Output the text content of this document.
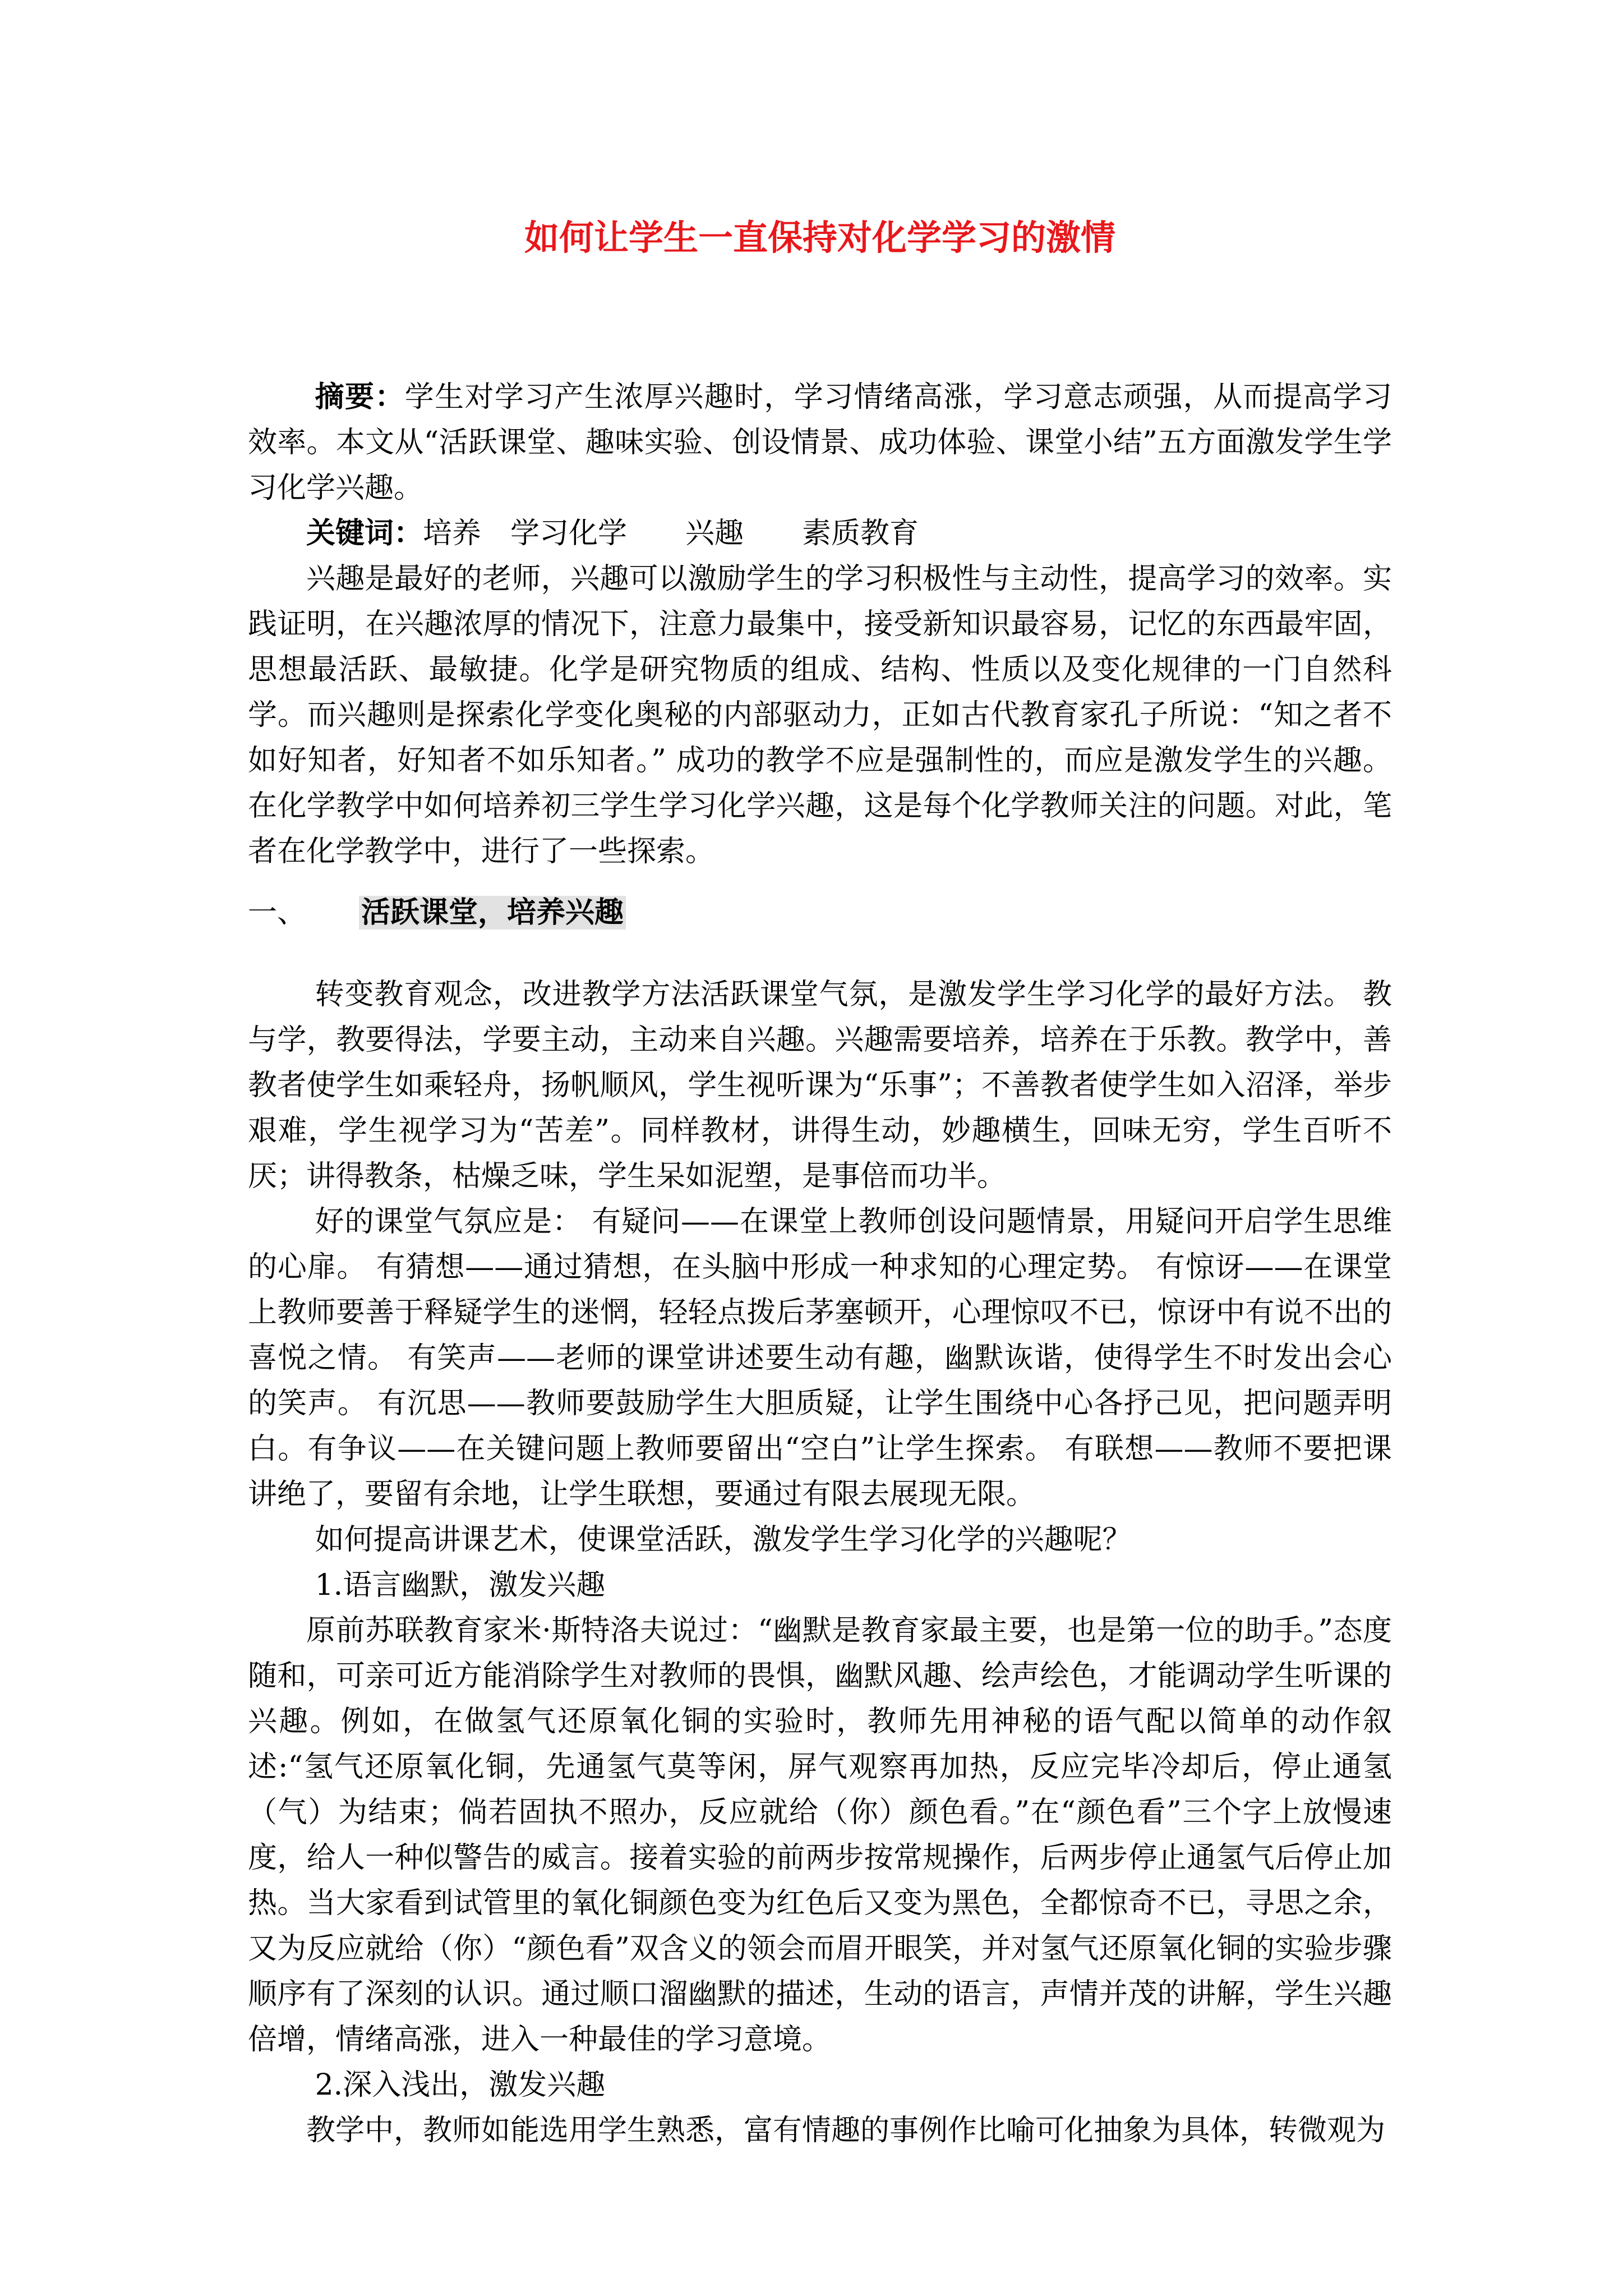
如何让学生一直保持对化学学习的激情

摘要：学生对学习产生浓厚兴趣时，学习情绪高涨，学习意志顽强，从而提高学习效率。本文从“活跃课堂、趣味实验、创设情景、成功体验、课堂小结”五方面激发学生学习化学兴趣。

关键词：培养　学习化学　　兴趣　　素质教育

兴趣是最好的老师，兴趣可以激励学生的学习积极性与主动性，提高学习的效率。实践证明，在兴趣浓厚的情况下，注意力最集中，接受新知识最容易，记忆的东西最牢固，思想最活跃、最敏捷。化学是研究物质的组成、结构、性质以及变化规律的一门自然科学。而兴趣则是探索化学变化奥秘的内部驱动力，正如古代教育家孔子所说：“知之者不如好知者，好知者不如乐知者。” 成功的教学不应是强制性的，而应是激发学生的兴趣。在化学教学中如何培养初三学生学习化学兴趣，这是每个化学教师关注的问题。对此，笔者在化学教学中，进行了一些探索。

一、 活跃课堂，培养兴趣

转变教育观念，改进教学方法活跃课堂气氛，是激发学生学习化学的最好方法。 教与学，教要得法，学要主动，主动来自兴趣。兴趣需要培养，培养在于乐教。教学中，善教者使学生如乘轻舟，扬帆顺风，学生视听课为“乐事”；不善教者使学生如入沼泽，举步艰难，学生视学习为“苦差”。同样教材，讲得生动，妙趣横生，回味无穷，学生百听不厌；讲得教条，枯燥乏味，学生呆如泥塑，是事倍而功半。

好的课堂气氛应是： 有疑问——在课堂上教师创设问题情景，用疑问开启学生思维的心扉。 有猜想——通过猜想，在头脑中形成一种求知的心理定势。 有惊讶——在课堂上教师要善于释疑学生的迷惘，轻轻点拨后茅塞顿开，心理惊叹不已，惊讶中有说不出的喜悦之情。 有笑声——老师的课堂讲述要生动有趣，幽默诙谐，使得学生不时发出会心的笑声。 有沉思——教师要鼓励学生大胆质疑，让学生围绕中心各抒己见，把问题弄明白。有争议——在关键问题上教师要留出“空白”让学生探索。 有联想——教师不要把课讲绝了，要留有余地，让学生联想，要通过有限去展现无限。

如何提高讲课艺术，使课堂活跃，激发学生学习化学的兴趣呢？

1.语言幽默，激发兴趣

原前苏联教育家米·斯特洛夫说过：“幽默是教育家最主要，也是第一位的助手。”态度随和，可亲可近方能消除学生对教师的畏惧，幽默风趣、绘声绘色，才能调动学生听课的兴趣。例如，在做氢气还原氧化铜的实验时，教师先用神秘的语气配以简单的动作叙述:“氢气还原氧化铜，先通氢气莫等闲，屏气观察再加热，反应完毕冷却后，停止通氢（气）为结束；倘若固执不照办，反应就给（你）颜色看。”在“颜色看”三个字上放慢速度，给人一种似警告的威言。接着实验的前两步按常规操作，后两步停止通氢气后停止加热。当大家看到试管里的氧化铜颜色变为红色后又变为黑色，全都惊奇不已，寻思之余，又为反应就给（你）“颜色看”双含义的领会而眉开眼笑，并对氢气还原氧化铜的实验步骤顺序有了深刻的认识。通过顺口溜幽默的描述，生动的语言，声情并茂的讲解，学生兴趣倍增，情绪高涨，进入一种最佳的学习意境。

2.深入浅出，激发兴趣

教学中，教师如能选用学生熟悉，富有情趣的事例作比喻可化抽象为具体，转微观为
